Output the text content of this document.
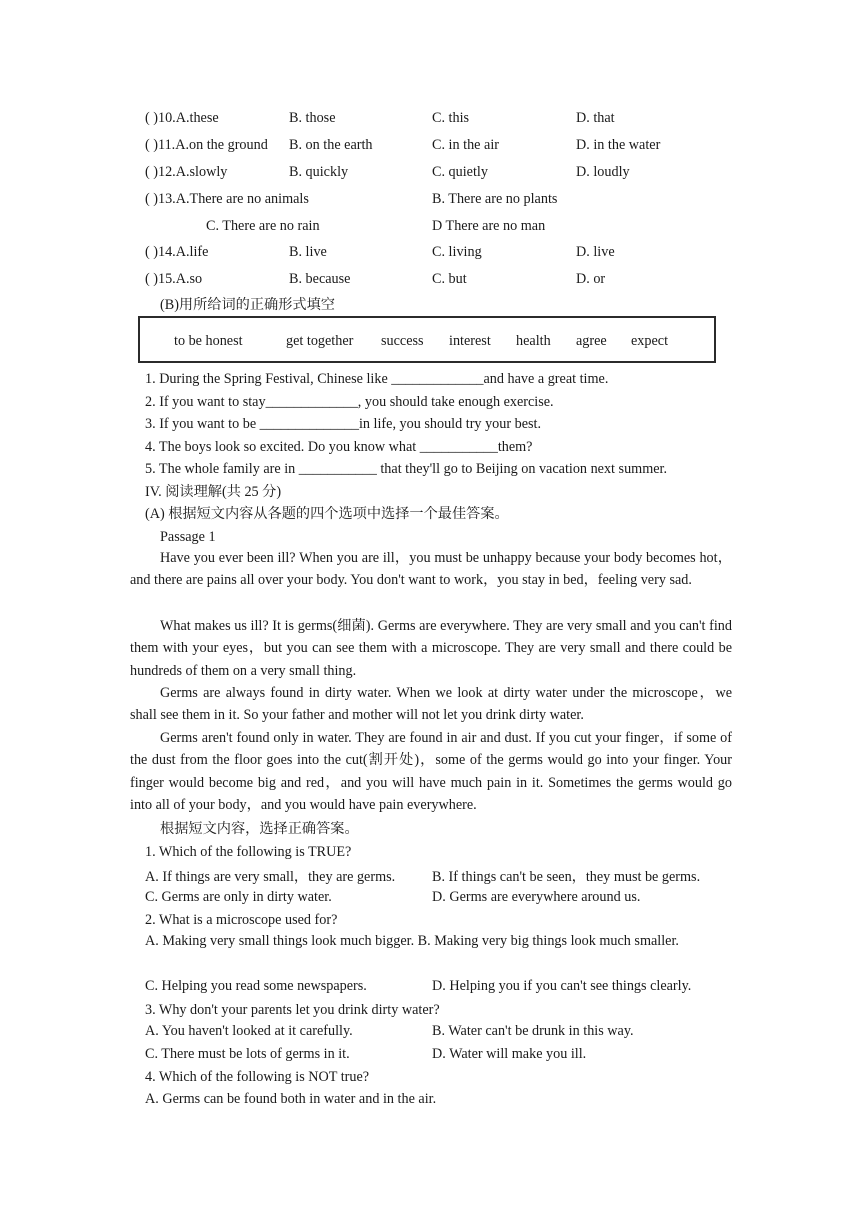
( )10.A.these	B. those	C. this	D. that
( )11.A.on the ground B. on the earth	C. in the air	D. in the water
( )12.A.slowly	B. quickly	C. quietly	D. loudly
( )13.A.There are no animals	B. There are no plants
C. There are no rain	D There are no man
( )14.A.life	B. live	C. living	D. live
( )15.A.so	B. because	C. but	D. or
(B)用所给词的正确形式填空
to be honest	get together success interest health agree expect
1. During the Spring Festival, Chinese like _____________and have a great time.
2. If you want to stay_____________, you should take enough exercise.
3. If you want to be ______________in life, you should try your best.
4. The boys look so excited. Do you know what ___________them?
5. The whole family are in ___________ that they'll go to Beijing on vacation next summer.
IV. 阅读理解(共 25 分)
(A) 根据短文内容从各题的四个选项中选择一个最佳答案。
Passage 1
Have you ever been ill? When you are ill，you must be unhappy because your body becomes hot，and there are pains all over your body. You don't want to work，you stay in bed，feeling very sad.
What makes us ill? It is germs(细菌). Germs are everywhere. They are very small and you can't find them with your eyes，but you can see them with a microscope. They are very small and there could be hundreds of them on a very small thing.
Germs are always found in dirty water. When we look at dirty water under the microscope，we shall see them in it. So your father and mother will not let you drink dirty water.
Germs aren't found only in water. They are found in air and dust. If you cut your finger，if some of the dust from the floor goes into the cut(割开处)，some of the germs would go into your finger. Your finger would become big and red，and you will have much pain in it. Sometimes the germs would go into all of your body，and you would have pain everywhere.
根据短文内容，选择正确答案。
1. Which of the following is TRUE?
A. If things are very small，they are germs.	B. If things can't be seen，they must be germs.
C. Germs are only in dirty water.	D. Germs are everywhere around us.
2. What is a microscope used for?
A. Making very small things look much bigger. B. Making very big things look much smaller.
C. Helping you read some newspapers.	D. Helping you if you can't see things clearly.
3. Why don't your parents let you drink dirty water?
A. You haven't looked at it carefully.	B. Water can't be drunk in this way.
C. There must be lots of germs in it.	D. Water will make you ill.
4. Which of the following is NOT true?
A. Germs can be found both in water and in the air.
